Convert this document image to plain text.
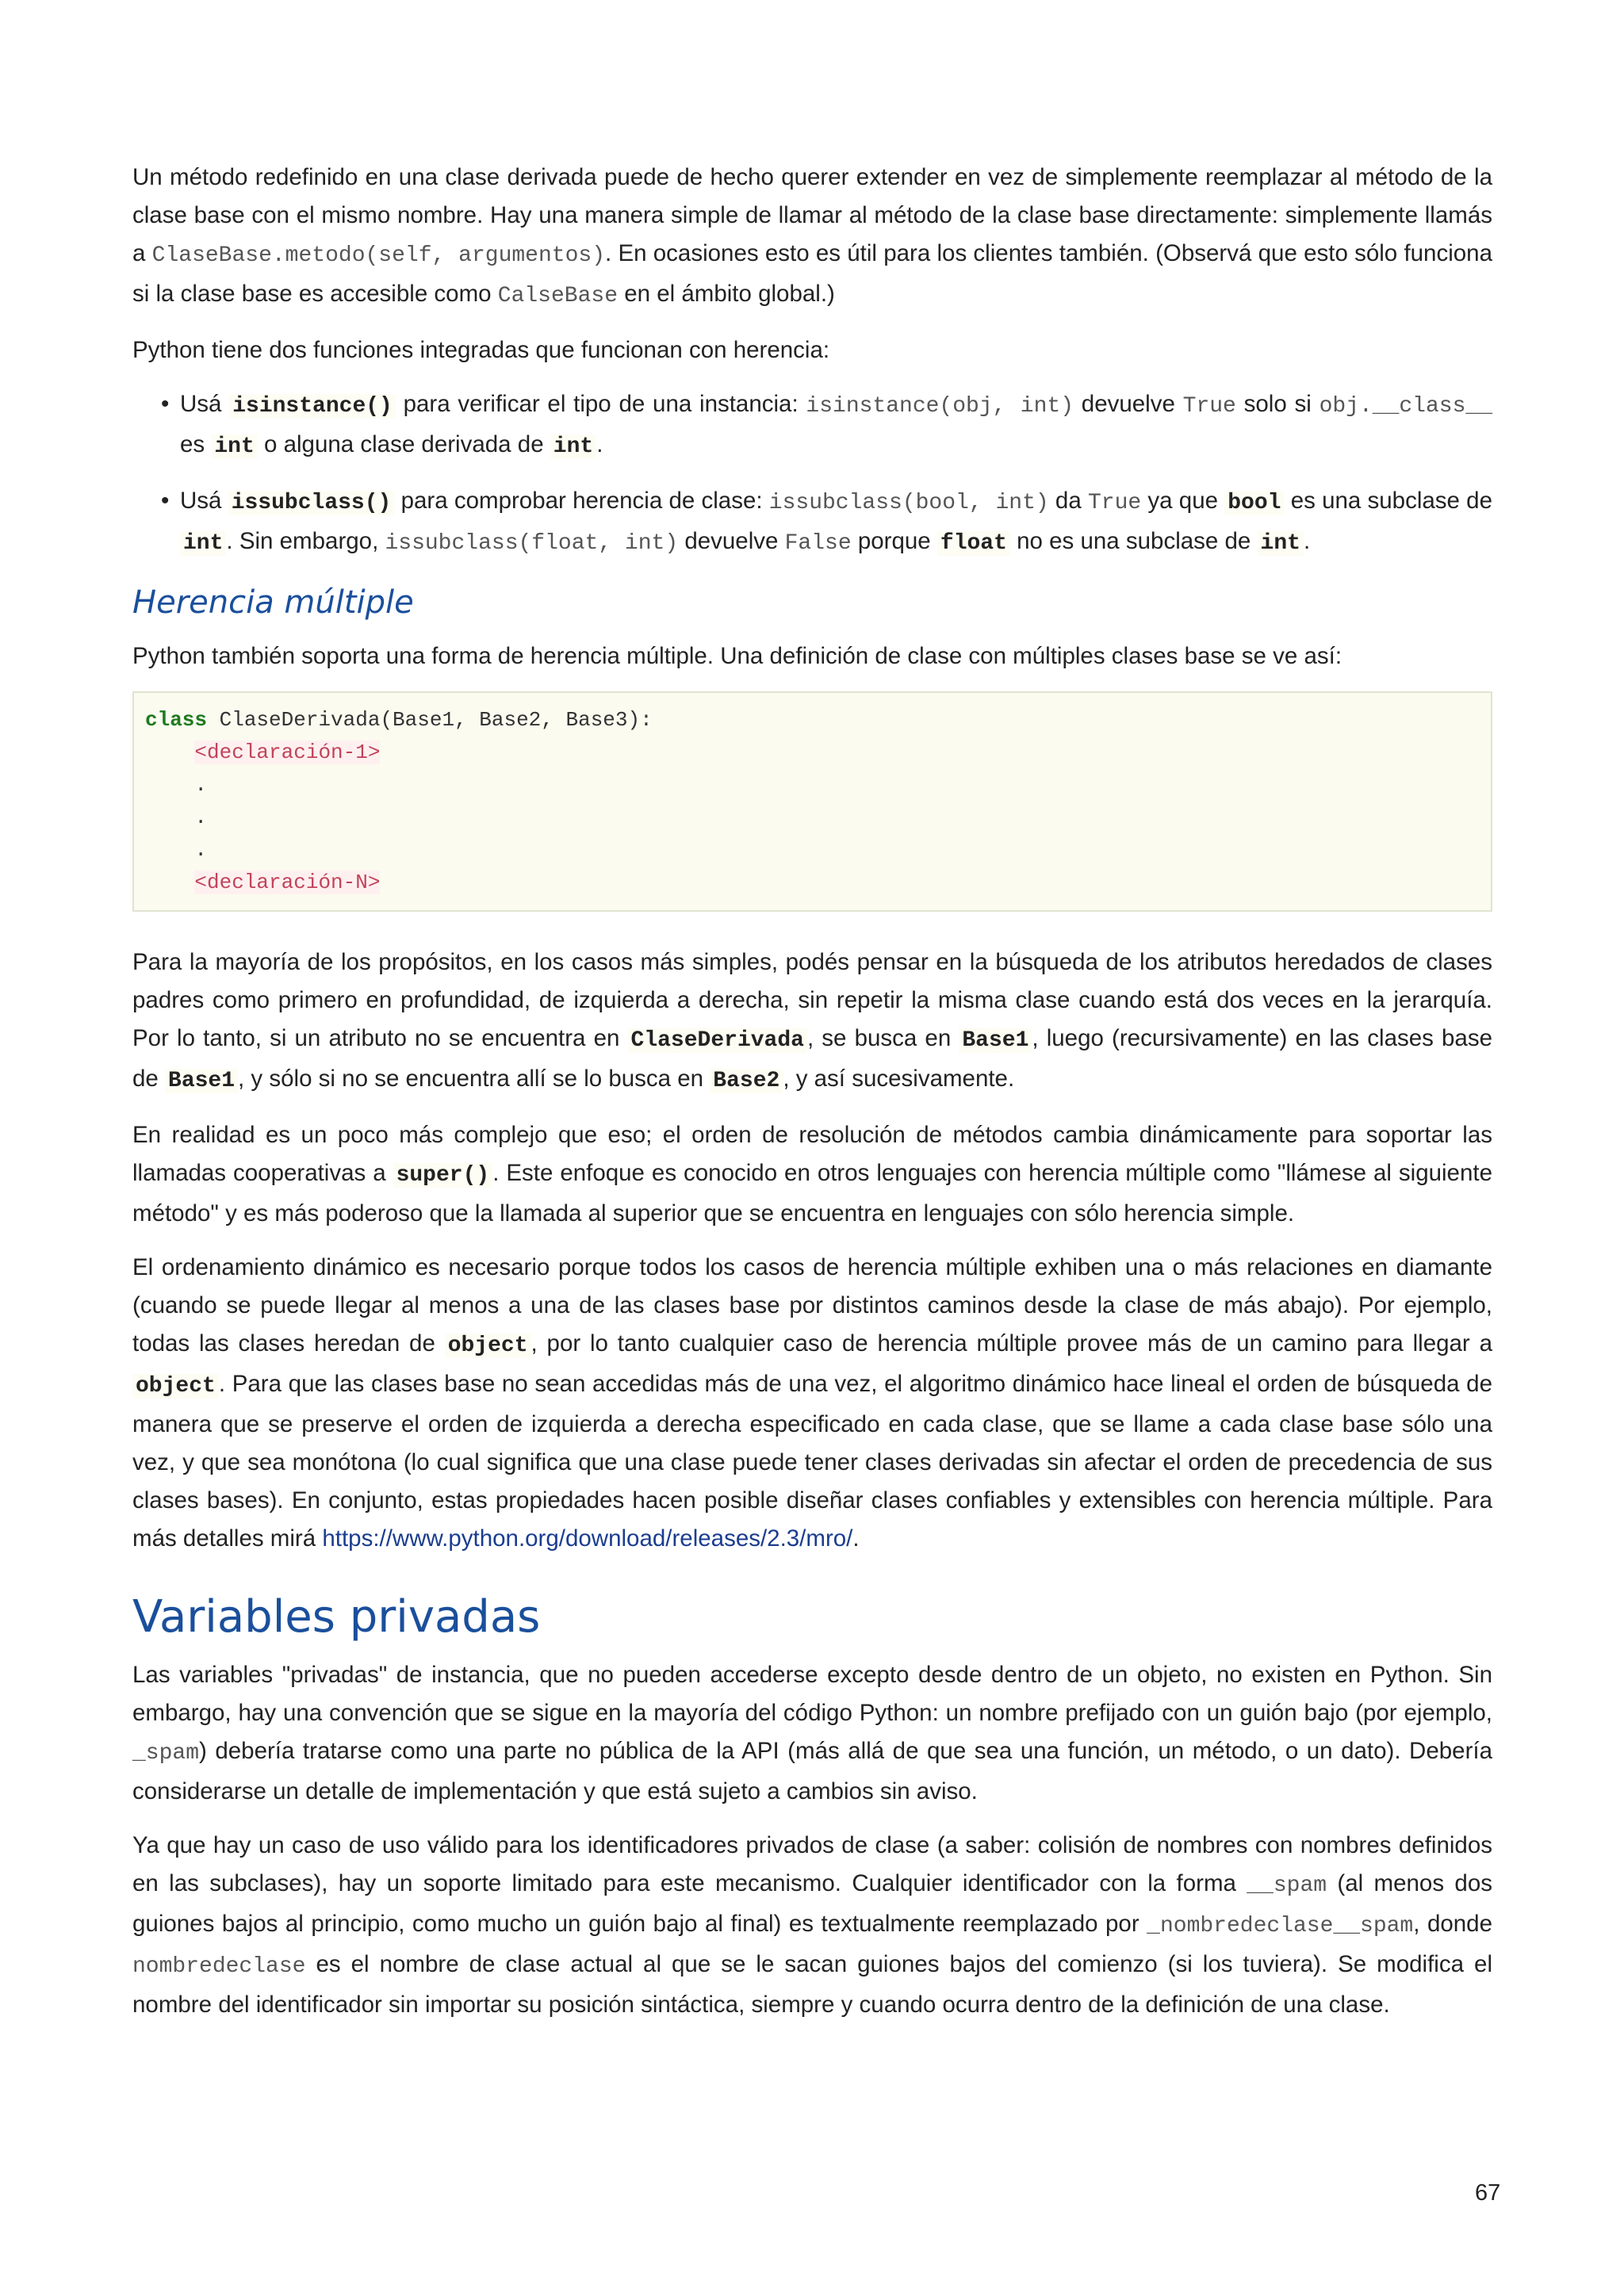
Un método redefinido en una clase derivada puede de hecho querer extender en vez de simplemente reemplazar al método de la clase base con el mismo nombre. Hay una manera simple de llamar al método de la clase base directamente: simplemente llamás a ClaseBase.metodo(self, argumentos). En ocasiones esto es útil para los clientes también. (Observá que esto sólo funciona si la clase base es accesible como CalseBase en el ámbito global.)

Python tiene dos funciones integradas que funcionan con herencia:

• Usá isinstance() para verificar el tipo de una instancia: isinstance(obj, int) devuelve True solo si obj.__class__ es int o alguna clase derivada de int .
• Usá issubclass() para comprobar herencia de clase: issubclass(bool, int) da True ya que bool es una subclase de int . Sin embargo, issubclass(float, int) devuelve False porque float no es una subclase de int .
Herencia múltiple

Python también soporta una forma de herencia múltiple. Una definición de clase con múltiples clases base se ve así:

class ClaseDerivada(Base1, Base2, Base3):
<declaración-1>
.
.
.
<declaración-N>

Para la mayoría de los propósitos, en los casos más simples, podés pensar en la búsqueda de los atributos heredados de clases padres como primero en profundidad, de izquierda a derecha, sin repetir la misma clase cuando está dos veces en la jerarquía. Por lo tanto, si un atributo no se encuentra en ClaseDerivada , se busca en Base1 , luego (recursivamente) en las clases base de Base1 , y sólo si no se encuentra allí se lo busca en Base2 , y así sucesivamente.

En realidad es un poco más complejo que eso; el orden de resolución de métodos cambia dinámicamente para soportar las llamadas cooperativas a super() . Este enfoque es conocido en otros lenguajes con herencia múltiple como "llámese al siguiente método" y es más poderoso que la llamada al superior que se encuentra en lenguajes con sólo herencia simple.

El ordenamiento dinámico es necesario porque todos los casos de herencia múltiple exhiben una o más relaciones en diamante (cuando se puede llegar al menos a una de las clases base por distintos caminos desde la clase de más abajo). Por ejemplo, todas las clases heredan de object , por lo tanto cualquier caso de herencia múltiple provee más de un camino para llegar a object . Para que las clases base no sean accedidas más de una vez, el algoritmo dinámico hace lineal el orden de búsqueda de manera que se preserve el orden de izquierda a derecha especificado en cada clase, que se llame a cada clase base sólo una vez, y que sea monótona (lo cual significa que una clase puede tener clases derivadas sin afectar el orden de precedencia de sus clases bases). En conjunto, estas propiedades hacen posible diseñar clases confiables y extensibles con herencia múltiple. Para más detalles mirá https://www.python.org/download/releases/2.3/mro/.

Variables privadas

Las variables "privadas" de instancia, que no pueden accederse excepto desde dentro de un objeto, no existen en Python. Sin embargo, hay una convención que se sigue en la mayoría del código Python: un nombre prefijado con un guión bajo (por ejemplo, _spam) debería tratarse como una parte no pública de la API (más allá de que sea una función, un método, o un dato). Debería considerarse un detalle de implementación y que está sujeto a cambios sin aviso.

Ya que hay un caso de uso válido para los identificadores privados de clase (a saber: colisión de nombres con nombres definidos en las subclases), hay un soporte limitado para este mecanismo. Cualquier identificador con la forma __spam (al menos dos guiones bajos al principio, como mucho un guión bajo al final) es textualmente reemplazado por _nombredeclase__spam, donde nombredeclase es el nombre de clase actual al que se le sacan guiones bajos del comienzo (si los tuviera). Se modifica el nombre del identificador sin importar su posición sintáctica, siempre y cuando ocurra dentro de la definición de una clase.

67
